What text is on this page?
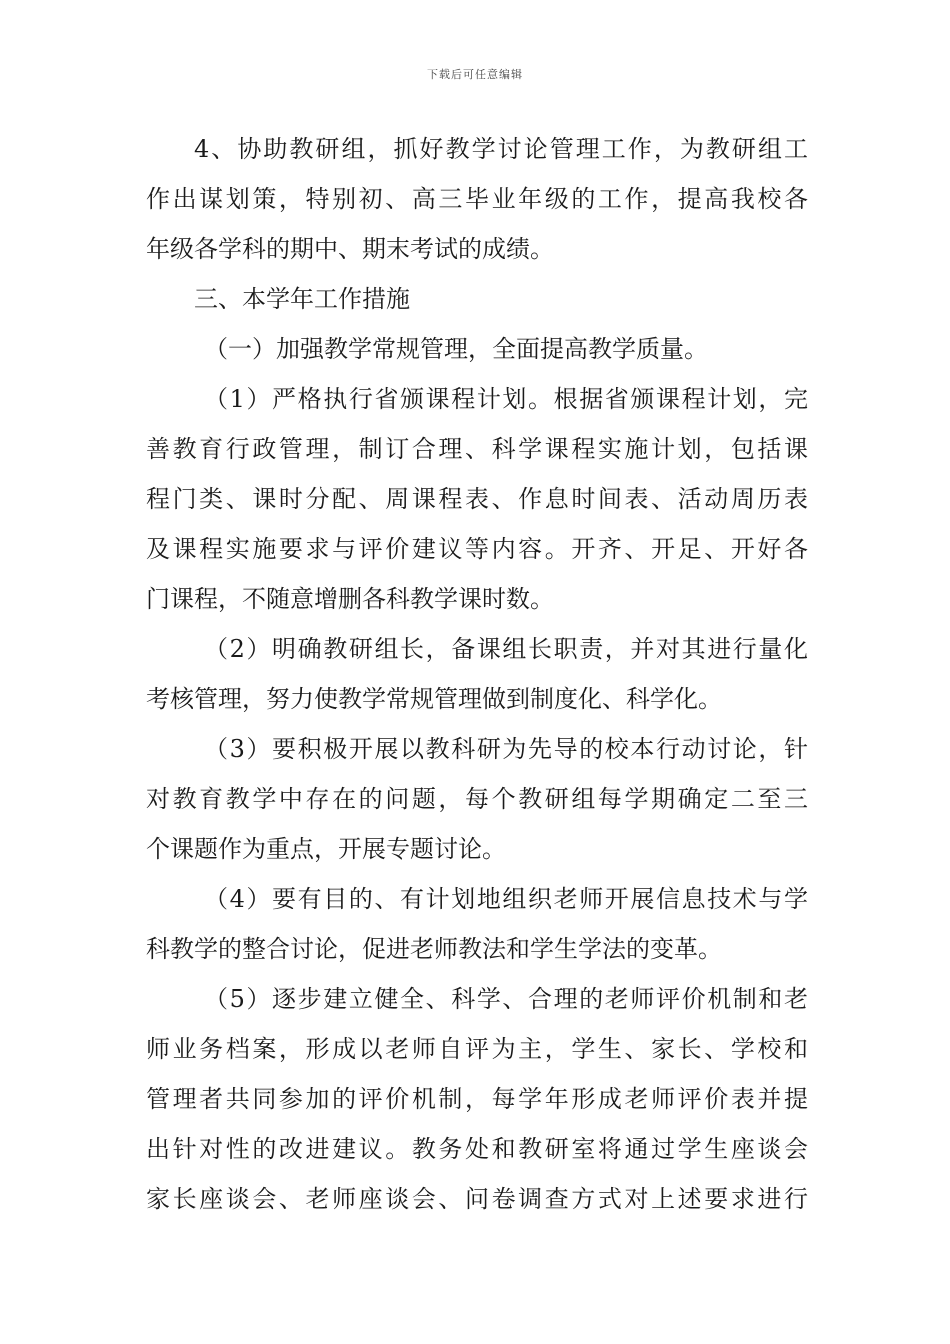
下载后可任意编辑
4、协助教研组，抓好教学讨论管理工作，为教研组工
作出谋划策，特别初、高三毕业年级的工作，提高我校各
年级各学科的期中、期末考试的成绩。
三、本学年工作措施
（一）加强教学常规管理，全面提高教学质量。
（1）严格执行省颁课程计划。根据省颁课程计划，完
善教育行政管理，制订合理、科学课程实施计划，包括课
程门类、课时分配、周课程表、作息时间表、活动周历表
及课程实施要求与评价建议等内容。开齐、开足、开好各
门课程，不随意增删各科教学课时数。
（2）明确教研组长，备课组长职责，并对其进行量化
考核管理，努力使教学常规管理做到制度化、科学化。
（3）要积极开展以教科研为先导的校本行动讨论，针
对教育教学中存在的问题，每个教研组每学期确定二至三
个课题作为重点，开展专题讨论。
（4）要有目的、有计划地组织老师开展信息技术与学
科教学的整合讨论，促进老师教法和学生学法的变革。
（5）逐步建立健全、科学、合理的老师评价机制和老
师业务档案，形成以老师自评为主，学生、家长、学校和
管理者共同参加的评价机制，每学年形成老师评价表并提
出针对性的改进建议。教务处和教研室将通过学生座谈会
家长座谈会、老师座谈会、问卷调查方式对上述要求进行
